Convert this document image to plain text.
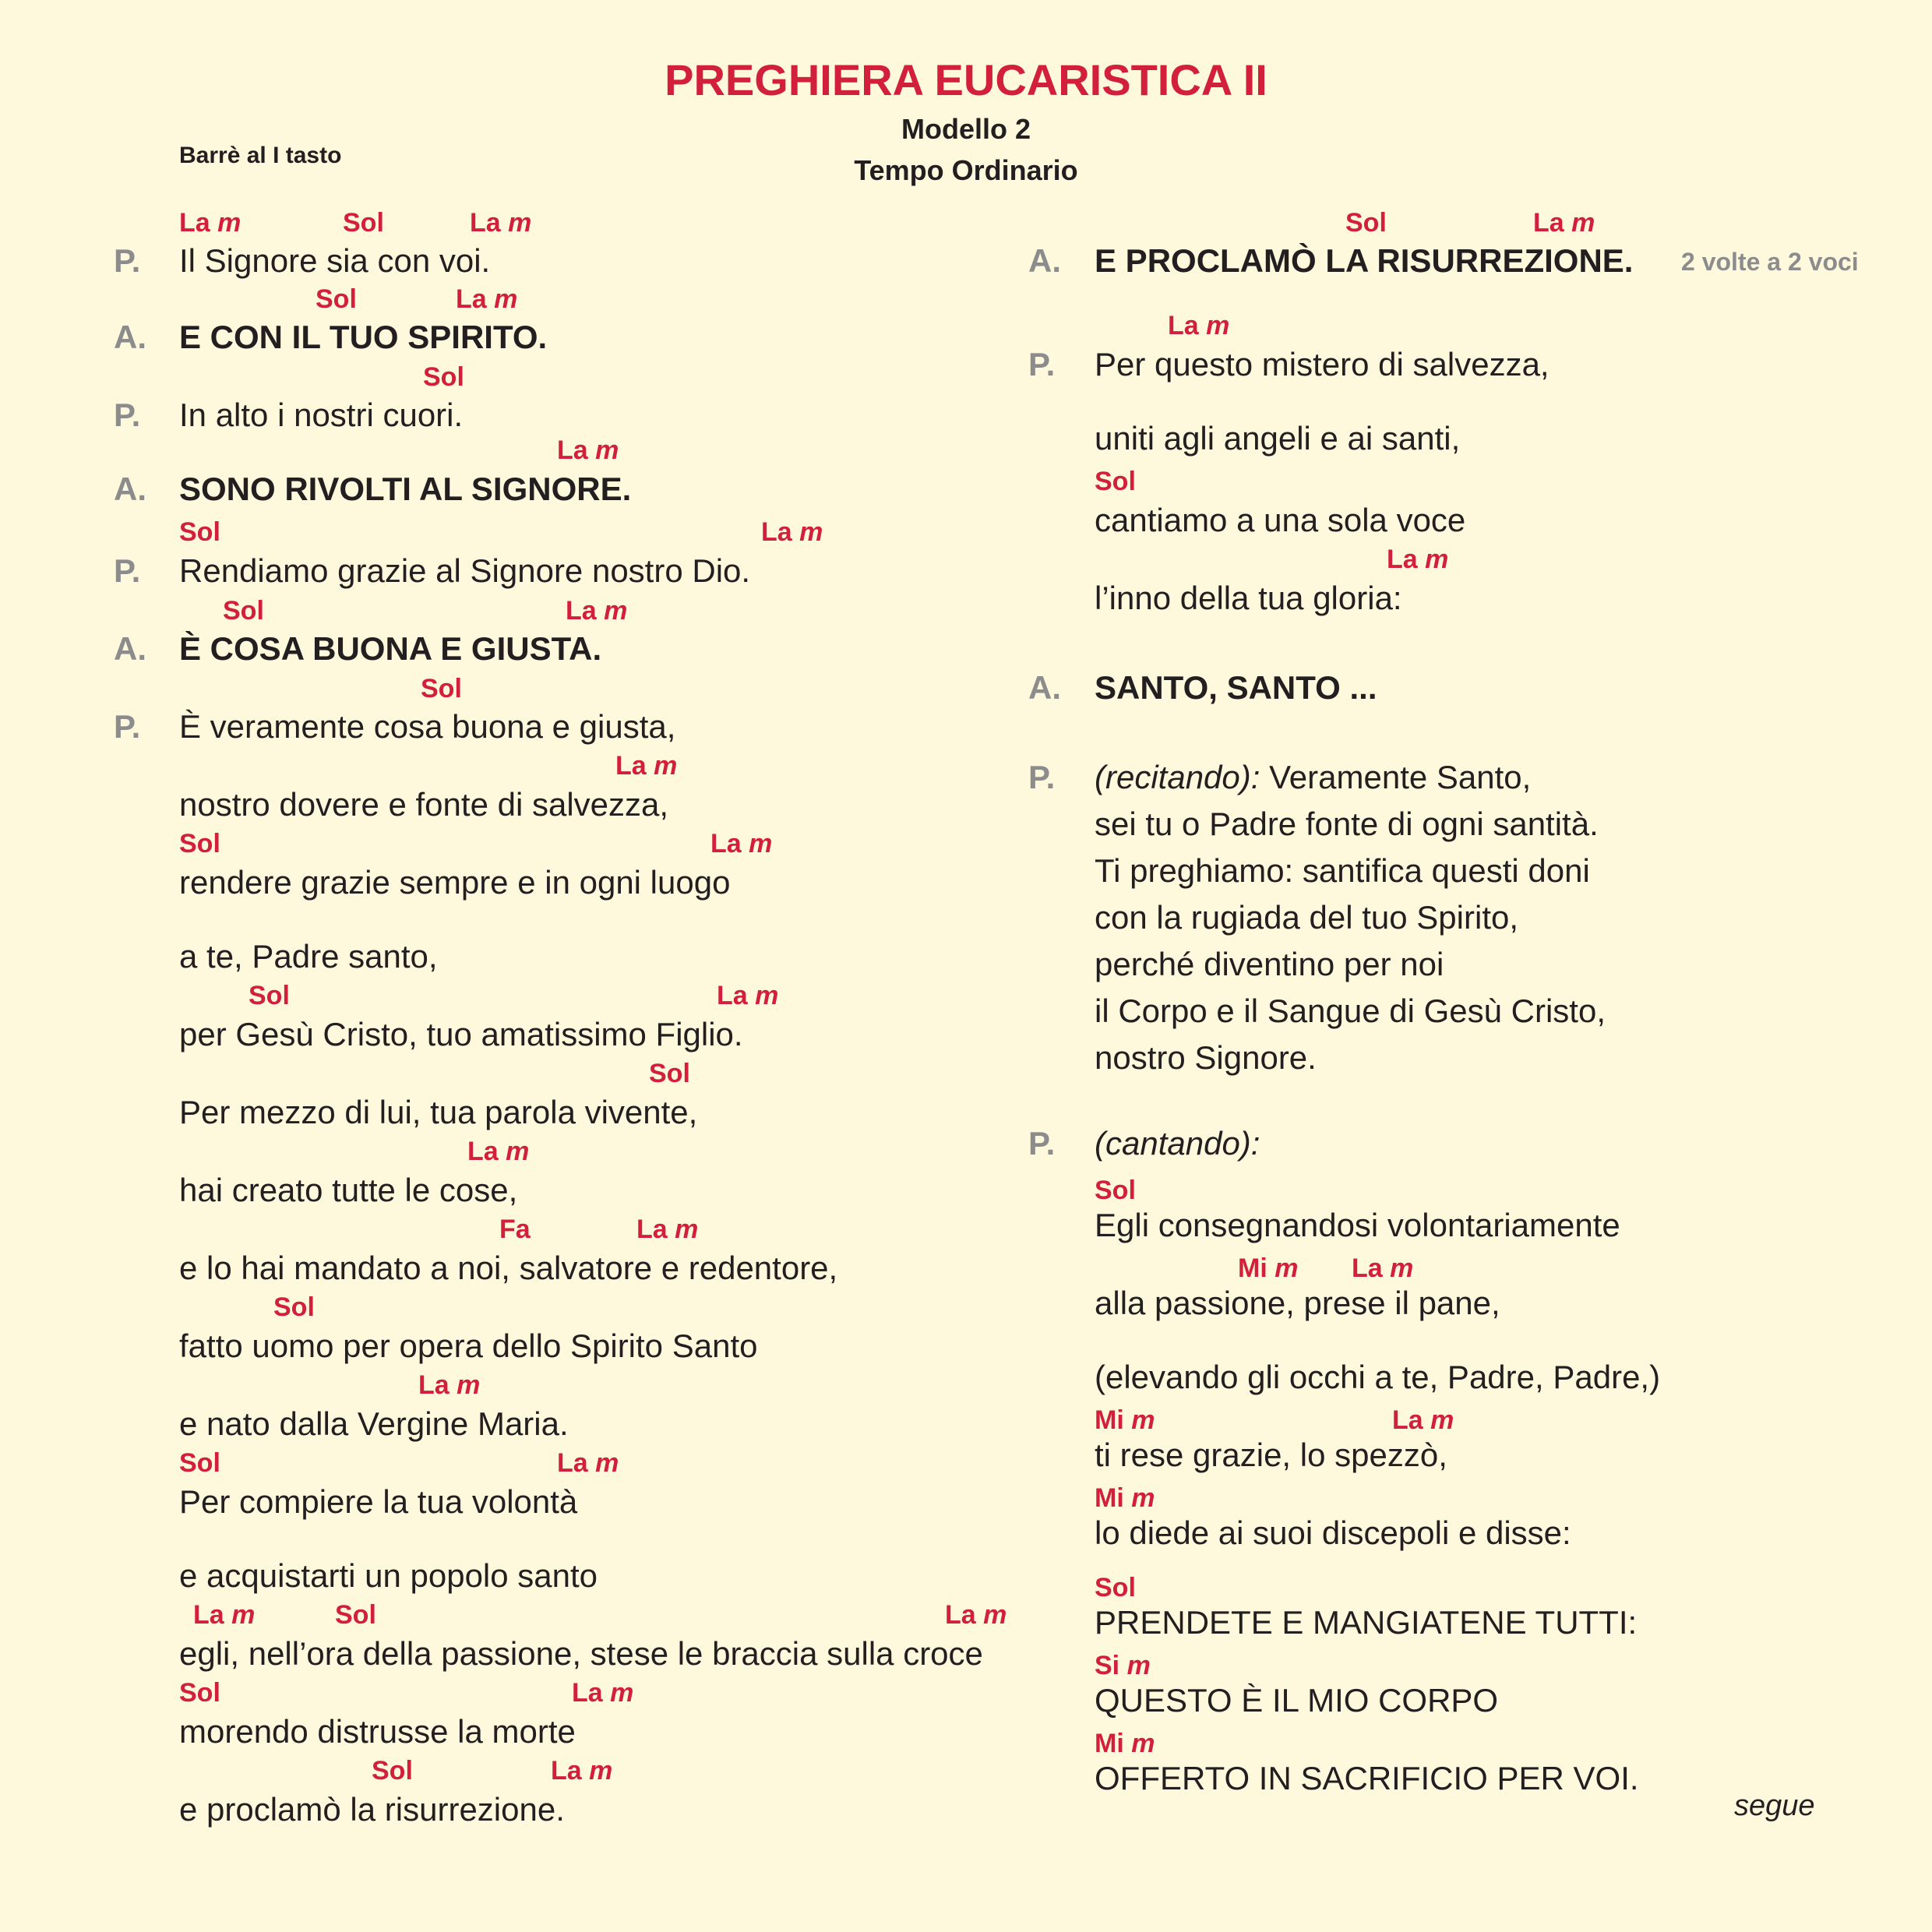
PREGHIERA EUCARISTICA II
Modello 2
Tempo Ordinario
Barrè al I tasto
P. Il Signore sia con voi.
La m	Sol	La m
A. E CON IL TUO SPIRITO.
Sol	La m
P. In alto i nostri cuori.
Sol
A. SONO RIVOLTI AL SIGNORE.
La m
P. Rendiamo grazie al Signore nostro Dio.
Sol	La m
A. È COSA BUONA E GIUSTA.
Sol	La m
P. È veramente cosa buona e giusta,
Sol
nostro dovere e fonte di salvezza,
La m
rendere grazie sempre e in ogni luogo
Sol	La m
a te, Padre santo,
per Gesù Cristo, tuo amatissimo Figlio.
Sol	La m
Per mezzo di lui, tua parola vivente,
Sol
hai creato tutte le cose,
La m
e lo hai mandato a noi, salvatore e redentore,
Fa	La m
fatto uomo per opera dello Spirito Santo
Sol
e nato dalla Vergine Maria.
La m
Per compiere la tua volontà
Sol	La m
e acquistarti un popolo santo
egli, nell’ora della passione, stese le braccia sulla croce
La m	Sol	La m
morendo distrusse la morte
Sol	La m
e proclamò la risurrezione.
Sol	La m
A. E PROCLAMÒ LA RISURREZIONE.
Sol	La m
P. Per questo mistero di salvezza,
La m
uniti agli angeli e ai santi,
cantiamo a una sola voce
Sol
l’inno della tua gloria:
La m
A. SANTO, SANTO ...
P. (recitando): Veramente Santo,
sei tu o Padre fonte di ogni santità.
Ti preghiamo: santifica questi doni
con la rugiada del tuo Spirito,
perché diventino per noi
il Corpo e il Sangue di Gesù Cristo,
nostro Signore.
P. (cantando):
Egli consegnandosi volontariamente
Sol
alla passione, prese il pane,
Mi m La m
(elevando gli occhi a te, Padre, Padre,)
ti rese grazie, lo spezzò,
Mi m	La m
lo diede ai suoi discepoli e disse:
Mi m
PRENDETE E MANGIATENE TUTTI:
Sol
QUESTO È IL MIO CORPO
Si m
OFFERTO IN SACRIFICIO PER VOI.
Mi m
2 volte a 2 voci
segue
